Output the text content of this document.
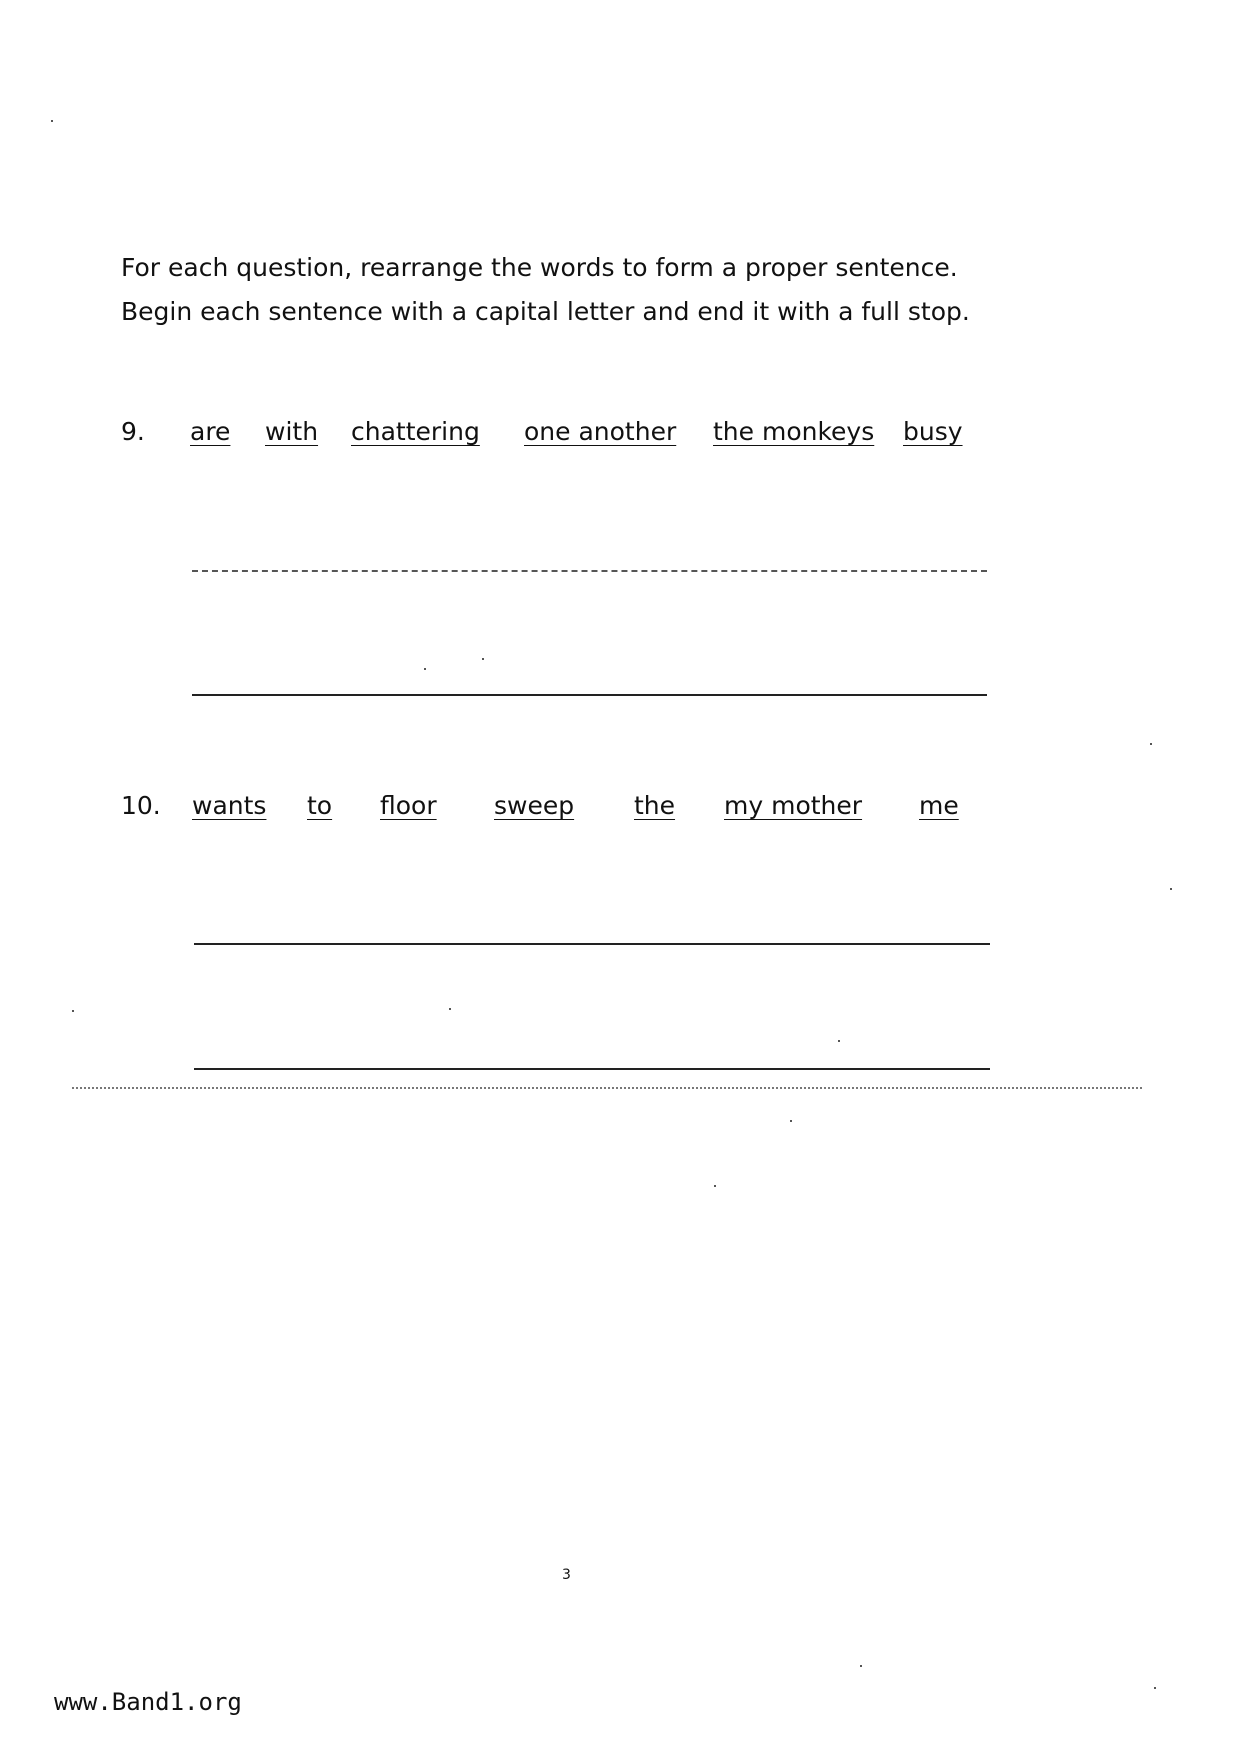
For each question, rearrange the words to form a proper sentence.
Begin each sentence with a capital letter and end it with a full stop.
9. are with chattering one another the monkeys busy
10. wants to floor sweep the my mother me
3
www.Band1.org
